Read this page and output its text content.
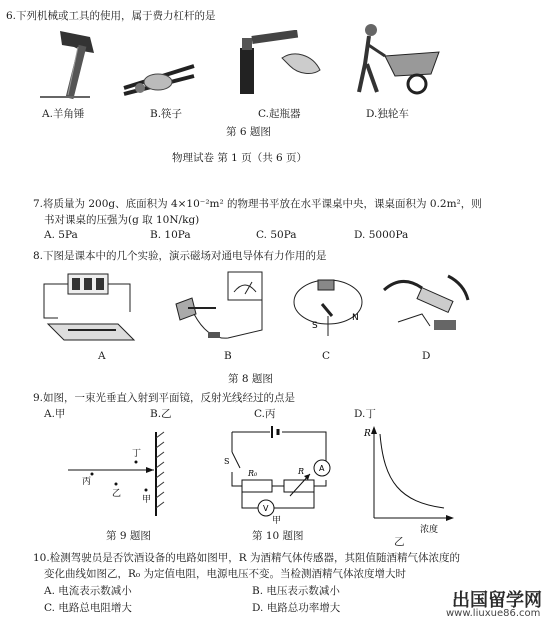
6.下列机械或工具的使用，属于费力杠杆的是
A.羊角锤	B.筷子	C.起瓶器	D.独轮车
第 6 题图
物理试卷 第 1 页（共 6 页）
7.将质量为 200g、底面积为 4×10⁻²m² 的物理书平放在水平课桌中央，课桌面积为 0.2m²，则
书对课桌的压强为(g 取 10N/kg)
A. 5Pa	B. 10Pa	C. 50Pa	D. 5000Pa
8.下图是课本中的几个实验，演示磁场对通电导体有力作用的是
A	B
S
N
C	D
第 8 题图
9.如图，一束光垂直入射到平面镜，反射光线经过的点是
A.甲	B.乙	C.丙	D.丁
丁
丙
乙
甲
第 9 题图
S
R₀	R A
V
甲
第 10 题图
R
浓度
乙
10.检测驾驶员是否饮酒设备的电路如图甲，R 为酒精气体传感器，其阻值随酒精气体浓度的
变化曲线如图乙，R₀ 为定值电阻，电源电压不变。当检测酒精气体浓度增大时
A. 电流表示数减小	B. 电压表示数减小
C. 电路总电阻增大	D. 电路总功率增大	出国留学网
www.liuxue86.com
